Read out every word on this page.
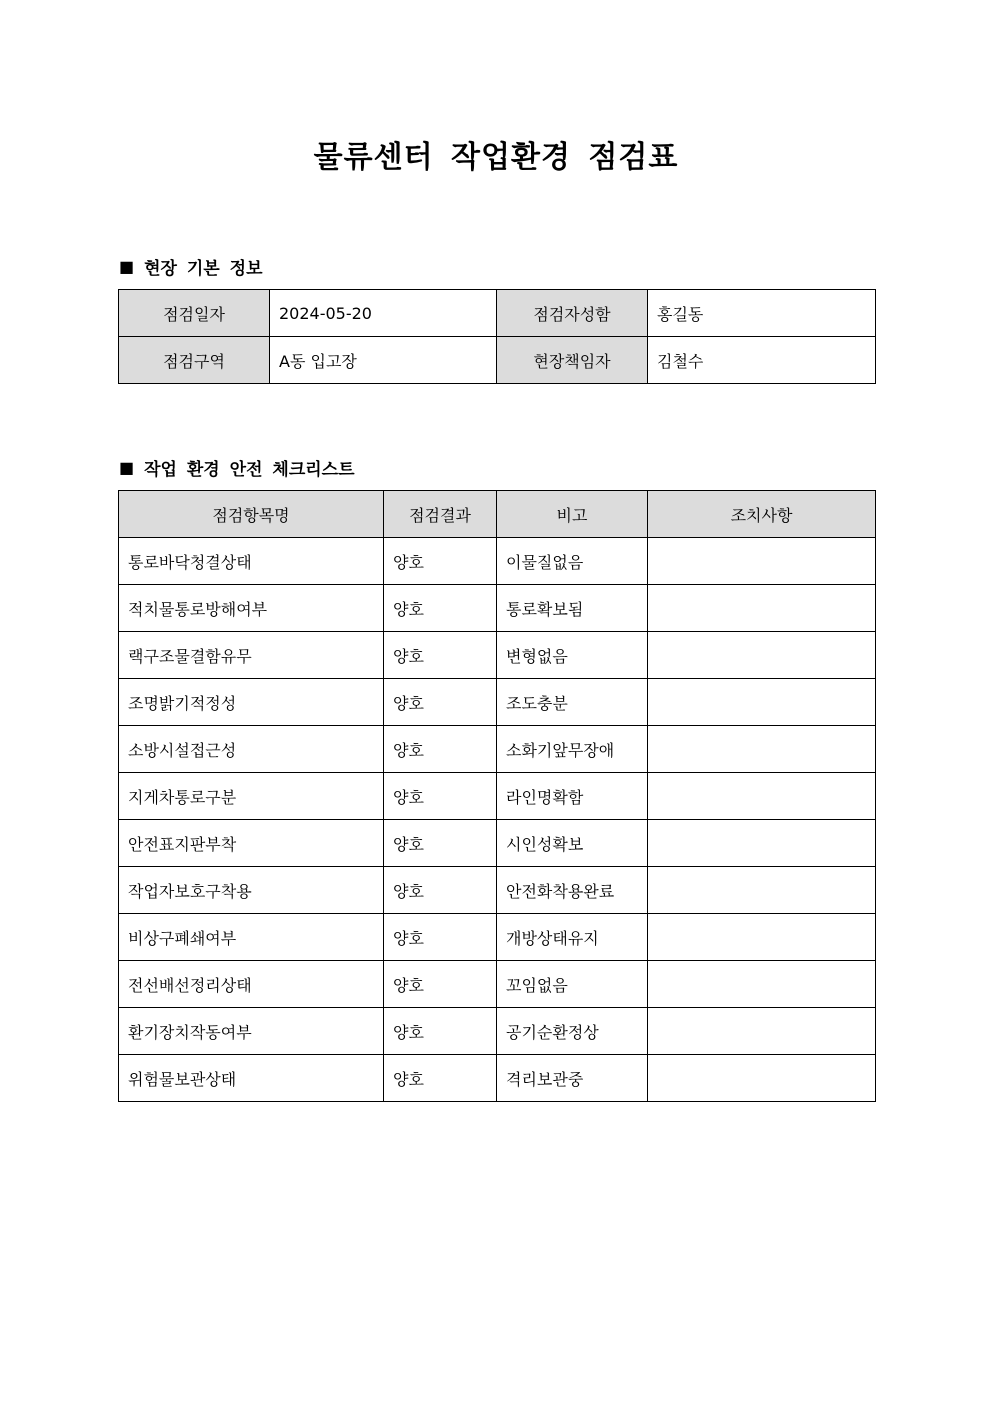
물류센터 작업환경 점검표
■ 현장 기본 정보
점검일자	2024-05-20	점검자성함	홍길동
점검구역	A동 입고장	현장책임자	김철수
■ 작업 환경 안전 체크리스트
점검항목명	점검결과	비고	조치사항
통로바닥청결상태	양호	이물질없음	
적치물통로방해여부	양호	통로확보됨	
랙구조물결함유무	양호	변형없음	
조명밝기적정성	양호	조도충분	
소방시설접근성	양호	소화기앞무장애	
지게차통로구분	양호	라인명확함	
안전표지판부착	양호	시인성확보	
작업자보호구착용	양호	안전화착용완료	
비상구폐쇄여부	양호	개방상태유지	
전선배선정리상태	양호	꼬임없음	
환기장치작동여부	양호	공기순환정상	
위험물보관상태	양호	격리보관중	
